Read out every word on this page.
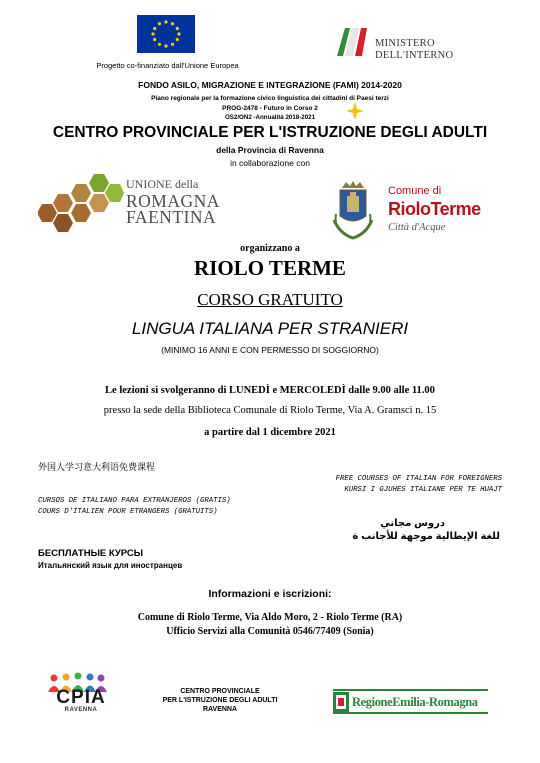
Progetto co-finanziato dall'Unione Europea
MINISTERO
DELL'INTERNO
FONDO ASILO, MIGRAZIONE E INTEGRAZIONE (FAMI) 2014-2020
Piano regionale per la formazione civico linguistica dei cittadini di Paesi terzi
PROG-2478 - Futuro in Corso 2
OS2/ON2 -Annualità 2018-2021
CENTRO PROVINCIALE PER L'ISTRUZIONE DEGLI ADULTI
della Provincia di Ravenna
in collaborazione con
UNIONE della
ROMAGNA
FAENTINA
Comune di
RioloTerme
Città d'Acque
organizzano a
RIOLO TERME
CORSO GRATUITO
LINGUA ITALIANA PER STRANIERI
(MINIMO 16 ANNI E CON PERMESSO DI SOGGIORNO)
Le lezioni si svolgeranno di LUNEDÌ e MERCOLEDÌ dalle 9.00 alle 11.00
presso la sede della Biblioteca Comunale di Riolo Terme, Via A. Gramsci n. 15
a partire dal 1 dicembre 2021
外国人学习意大利语免费课程
FREE COURSES OF ITALIAN FOR FOREIGNERS
KURSI I GJUHES ITALIANE PER TE HUAJT
CURSOS DE ITALIANO PARA EXTRANJEROS (GRATIS)
COURS D'ITALIEN POUR ETRANGERS (GRATUITS)
دروس مجاني
للغة الإيطالية موجهة للأجانب ة
БЕСПЛАТНЫЕ КУРСЫ
Итальянский язык для иностранцев
Informazioni e iscrizioni:
Comune di Riolo Terme, Via Aldo Moro, 2 - Riolo Terme (RA)
Ufficio Servizi alla Comunità 0546/77409 (Sonia)
CPIA
RAVENNA
CENTRO PROVINCIALE
PER L'ISTRUZIONE DEGLI ADULTI
RAVENNA
RegioneEmilia-Romagna
